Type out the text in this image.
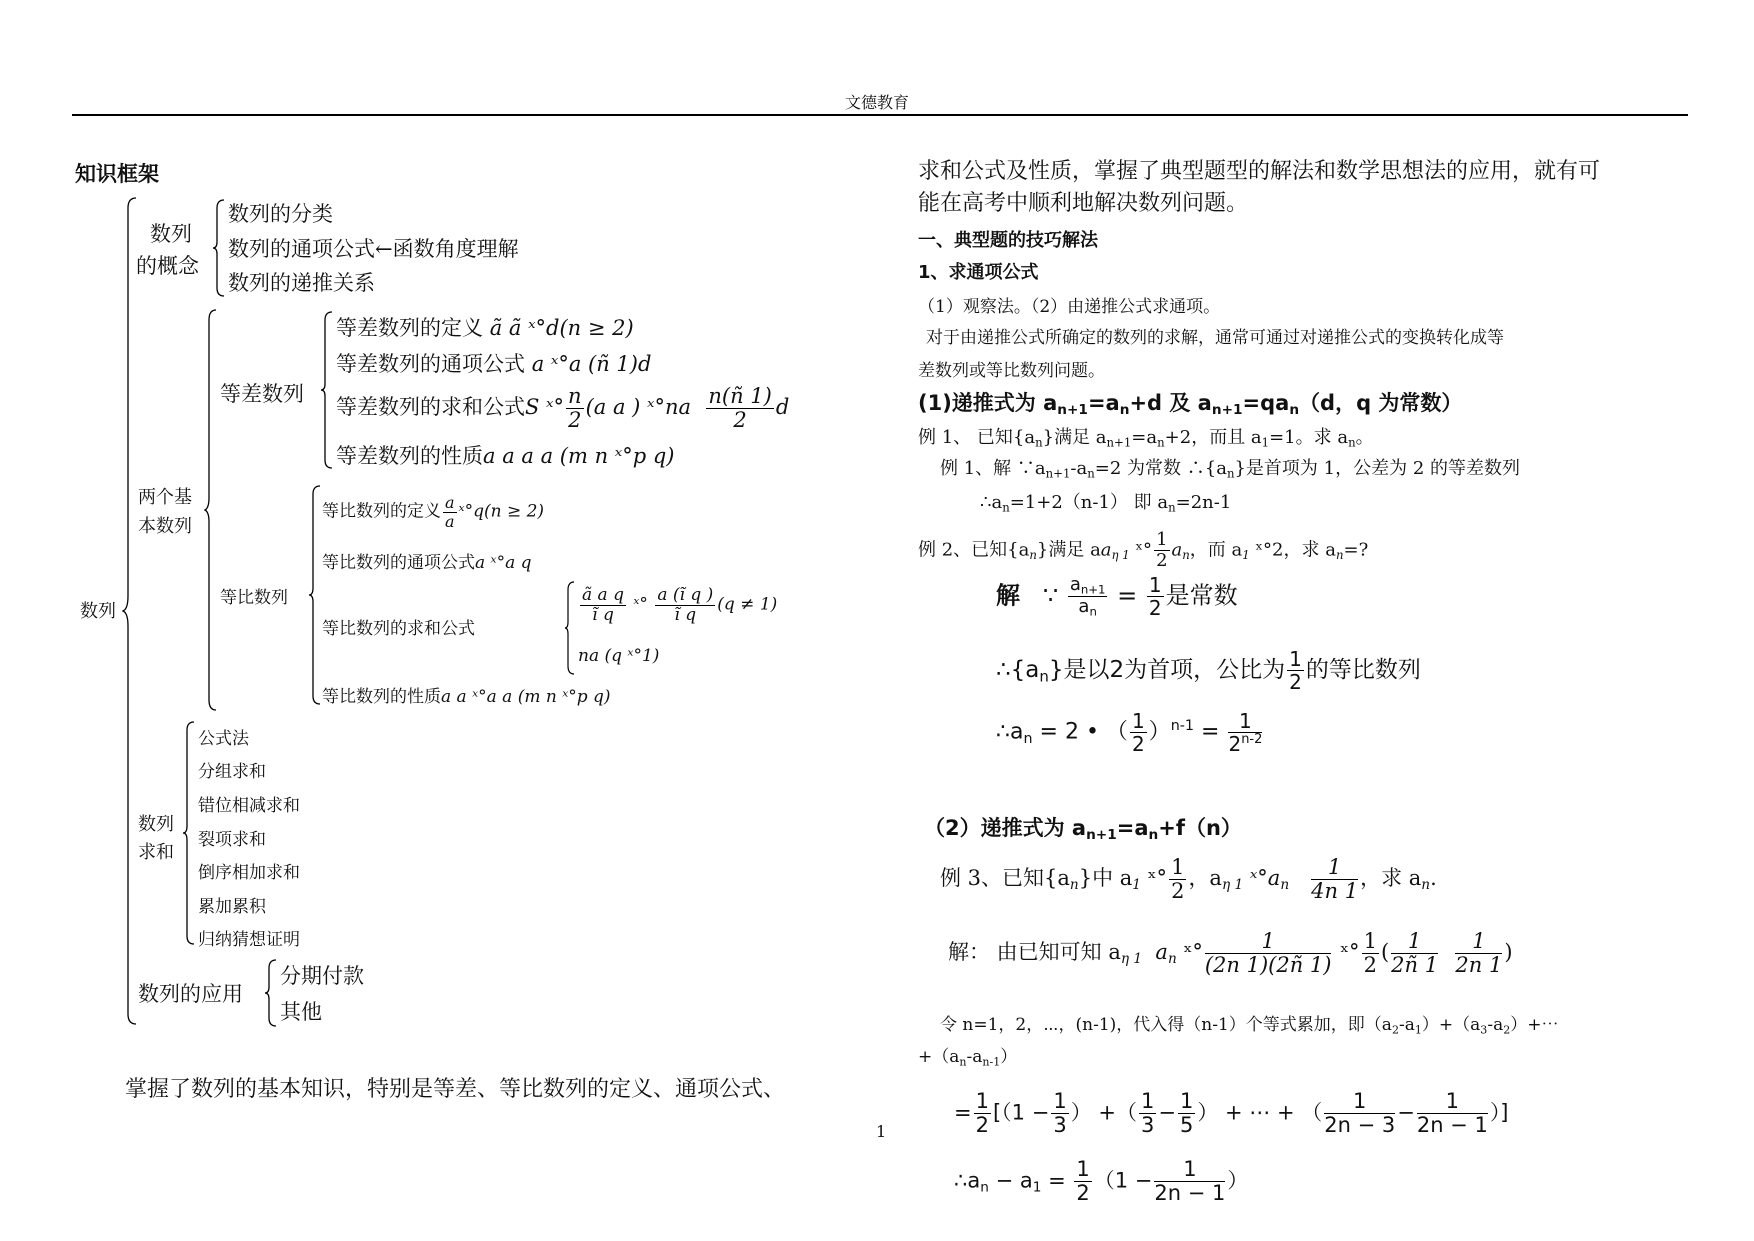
文德教育
知识框架
数列
数列
的概念
数列的分类
数列的通项公式←函数角度理解
数列的递推关系
两个基
本数列
等差数列
等差数列的定义 ã ã ˣ°d(n ≥ 2)
等差数列的通项公式 a ˣ°a (ñ 1)d
等差数列的求和公式S ˣ° $\frac{n}{2} (a$ a ) ˣ°na $\frac{n(ñ 1)}{2}$ d
等差数列的性质a a a a (m n ˣ°p q)
等比数列
等比数列的定义 $\frac{a}{a}$ ˣ°q(n ≥ 2)
等比数列的通项公式a ˣ°a q
等比数列的求和公式
$\frac{\text{ã a q}}{\text{ĩ q}}$ ˣ° $\frac{\text{a (ĩ q )}}{\text{ĩ q}} (q \ne 1)$
na (q ˣ°1)
等比数列的性质a a ˣ°a a (m n ˣ°p q)
数列
求和
公式法
分组求和
错位相减求和
裂项求和
倒序相加求和
累加累积
归纳猜想证明
数列的应用
分期付款
其他
掌握了数列的基本知识，特别是等差、等比数列的定义、通项公式、
1
求和公式及性质，掌握了典型题型的解法和数学思想法的应用，就有可
能在高考中顺利地解决数列问题。
一、典型题的技巧解法
1、求通项公式
（1）观察法。（2）由递推公式求通项。
对于由递推公式所确定的数列的求解，通常可通过对递推公式的变换转化成等
差数列或等比数列问题。
(1)递推式为 $a_{n+1}=a_n+d$ 及 $a_{n+1}=qa_n(d$，q 为常数）
例 1、 已知$\{a_n\}$满足 $a_{n+1}=a_n+2$，而且 $a_1=1$。求 $a_n$。
例 1、解 $\because a_{n+1}-a_n=2$ 为常数 $\therefore\{a_n\}$是首项为 1，公差为 2 的等差数列
$\therefore a_n=1+2(n-1)$ 即 $a_n=2n-1$
例 2、已知$\{a_n\}$满足 $aa_{\eta 1}$ ˣ° $\frac{1}{2} a_n$，而 $a_1$ ˣ°2，求 $a_n=$?
解 ∵ $\frac{a_{n+1}}{a_n} = \frac{1}{2}$ 是常数
$\therefore\{a_n\}$是以2为首项，公比为 $\frac{1}{2}$ 的等比数列
$\therefore a_n = 2$ • （ $\frac{1}{2} )^{n-1} = \frac{1}{2^{n-2}}$
（2）递推式为 $a_{n+1}=a_n+f(n)$
例 3、已知$\{a_n\}$中 $a_1$ ˣ° $\frac{1}{2}$ ，$a_{\eta 1}$ $ˣ^\circ a_n \frac{1}{4n 1}$ ，求 $a_n$.
解： 由已知可知 $a_{\eta 1}$ $a_n$ ˣ° $\frac{1}{(2n 1)(2ñ 1)}$ ˣ° $\frac{1}{2}$ ( $\frac{1}{2ñ 1}$
$\frac{1}{2n 1}$ )
令 n=1，2，⋯，(n-1)，代入得（n-1）个等式累加，即$(a_2-a_1)+(a_3-a_2)+\cdots$
$+(a_n-a_{n-1})$
= $\frac{1}{2} [(1 - \frac{1}{3}$ ） +（ $\frac{1}{3} - \frac{1}{5}$ ） + ⋯ + （ $\frac{1}{2n - 3} - \frac{1}{2n - 1}$ ）]
$\therefore a_n - a_1 = \frac{1}{2} (1 - \frac{1}{2n - 1}$ ）
